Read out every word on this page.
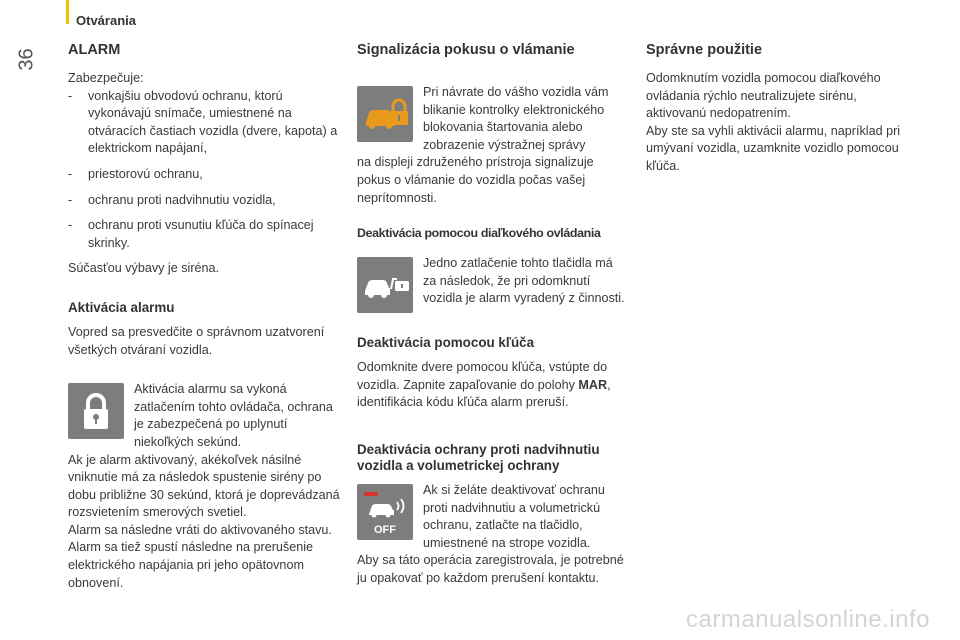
Otvárania
36 ALARM

Zabezpečuje:

- vonkajšiu obvodovú ochranu, ktorú vykonávajú snímače, umiestnené na otváracích častiach vozidla (dvere, kapota) a elektrickom napájaní,
- priestorovú ochranu,
- ochranu proti nadvihnutiu vozidla,
- ochranu proti vsunutiu kľúča do spínacej skrinky.

Súčasťou výbavy je siréna.

Aktivácia alarmu

Vopred sa presvedčite o správnom uzatvorení všetkých otváraní vozidla.

Aktivácia alarmu sa vykoná zatlačením tohto ovládača, ochrana je zabezpečená po uplynutí niekoľkých sekúnd.

Ak je alarm aktivovaný, akékoľvek násilné vniknutie má za následok spustenie sirény po dobu približne 30 sekúnd, ktorá je doprevádzaná rozsvietením smerových svetiel.
Alarm sa následne vráti do aktivovaného stavu.
Alarm sa tiež spustí následne na prerušenie elektrického napájania pri jeho opätovnom obnovení.

Signalizácia pokusu o vlámanie

Pri návrate do vášho vozidla vám blikanie kontrolky elektronického blokovania štartovania alebo zobrazenie výstražnej správy

na displeji združeného prístroja signalizuje pokus o vlámanie do vozidla počas vašej neprítomnosti.

Deaktivácia pomocou diaľkového ovládania

Jedno zatlačenie tohto tlačidla má za následok, že pri odomknutí vozidla je alarm vyradený z činnosti.

Deaktivácia pomocou kľúča

Odomknite dvere pomocou kľúča, vstúpte do vozidla. Zapnite zapaľovanie do polohy MAR, identifikácia kódu kľúča alarm preruší.

Deaktivácia ochrany proti nadvihnutiu vozidla a volumetrickej ochrany
OFF

Ak si želáte deaktivovať ochranu proti nadvihnutiu a volumetrickú ochranu, zatlačte na tlačidlo, umiestnené na strope vozidla.

Aby sa táto operácia zaregistrovala, je potrebné ju opakovať po každom prerušení kontaktu.

Správne použitie

Odomknutím vozidla pomocou diaľkového ovládania rýchlo neutralizujete sirénu, aktivovanú nedopatrením.
Aby ste sa vyhli aktivácii alarmu, napríklad pri umývaní vozidla, uzamknite vozidlo pomocou kľúča.

carmanualsonline.info
